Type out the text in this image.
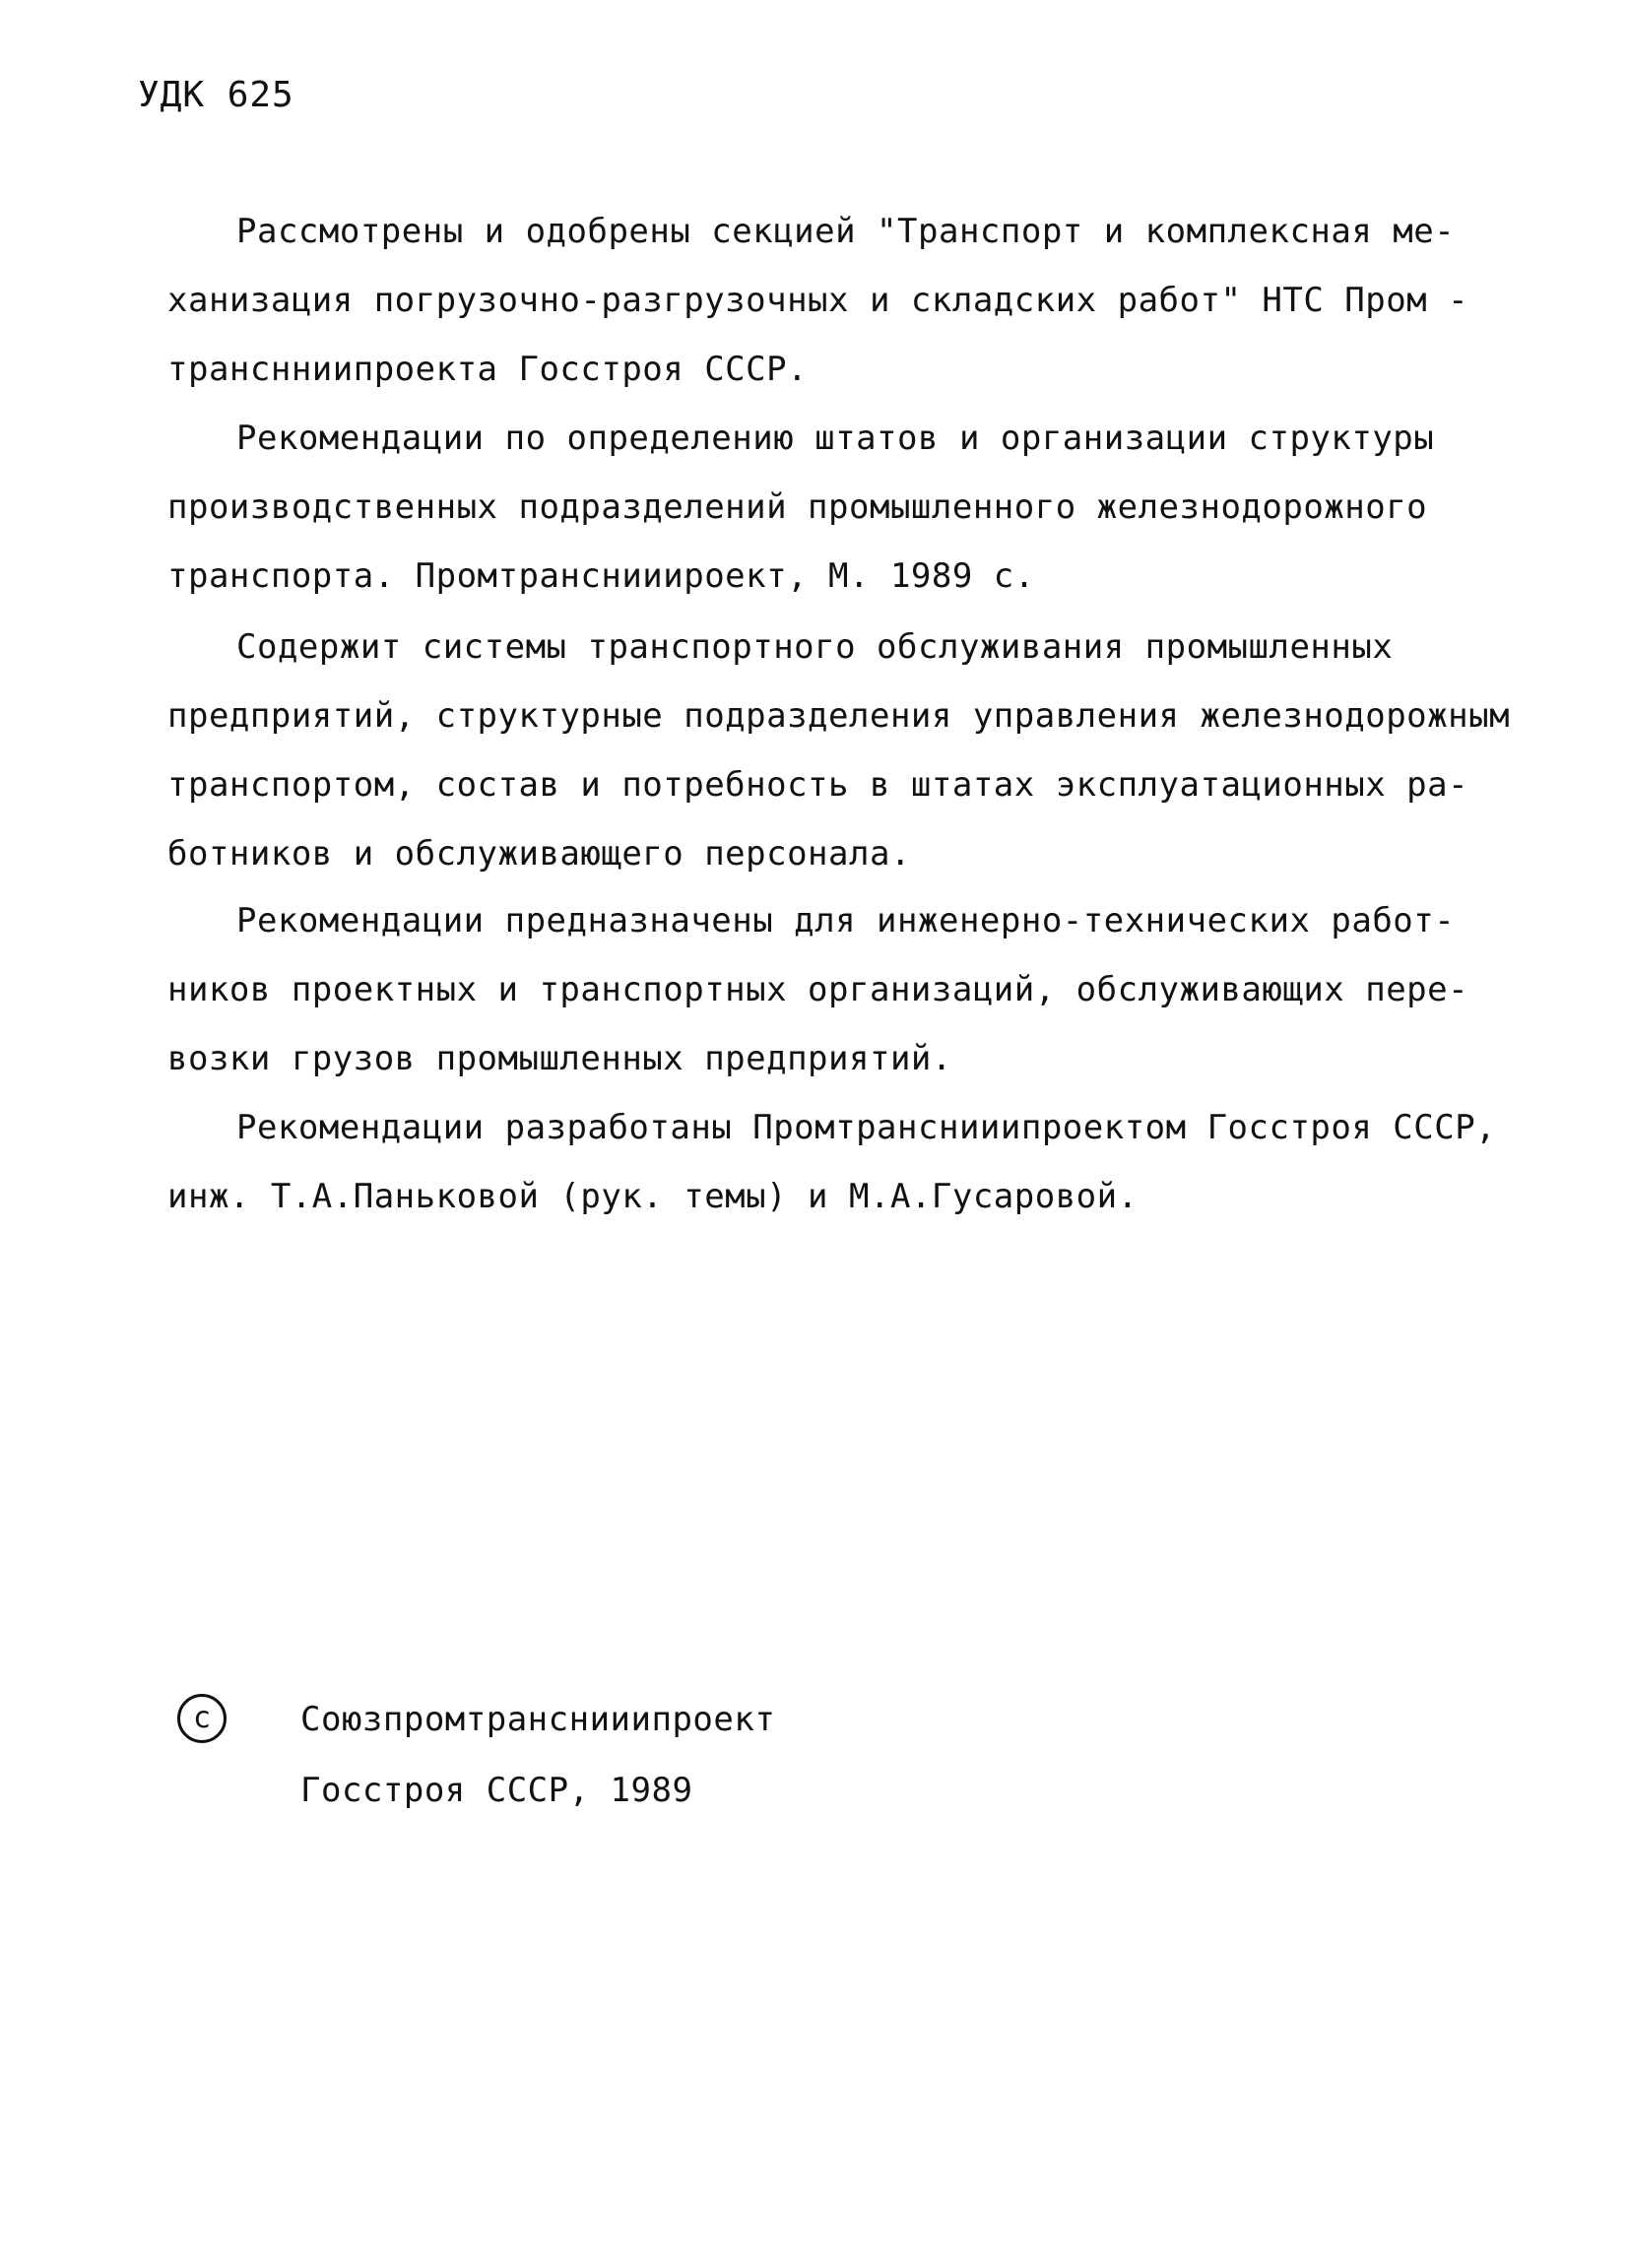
УДК 625
Рассмотрены и одобрены секцией "Транспорт и комплексная ме-
ханизация погрузочно-разгрузочных и складских работ" НТС Пром -
транснниипроекта Госстроя СССР.
Рекомендации по определению штатов и организации структуры
производственных подразделений промышленного железнодорожного
транспорта. Промтранснииироект, М. 1989 с.
Содержит системы транспортного обслуживания промышленных
предприятий, структурные подразделения управления железнодорожным
транспортом, состав и потребность в штатах эксплуатационных ра-
ботников и обслуживающего персонала.
Рекомендации предназначены для инженерно-технических работ-
ников проектных и транспортных организаций, обслуживающих пере-
возки грузов промышленных предприятий.
Рекомендации разработаны Промтранснииипроектом Госстроя СССР,
инж. Т.А.Паньковой (рук. темы) и М.А.Гусаровой.
с	Союзпромтранснииипроект
Госстроя СССР, 1989
